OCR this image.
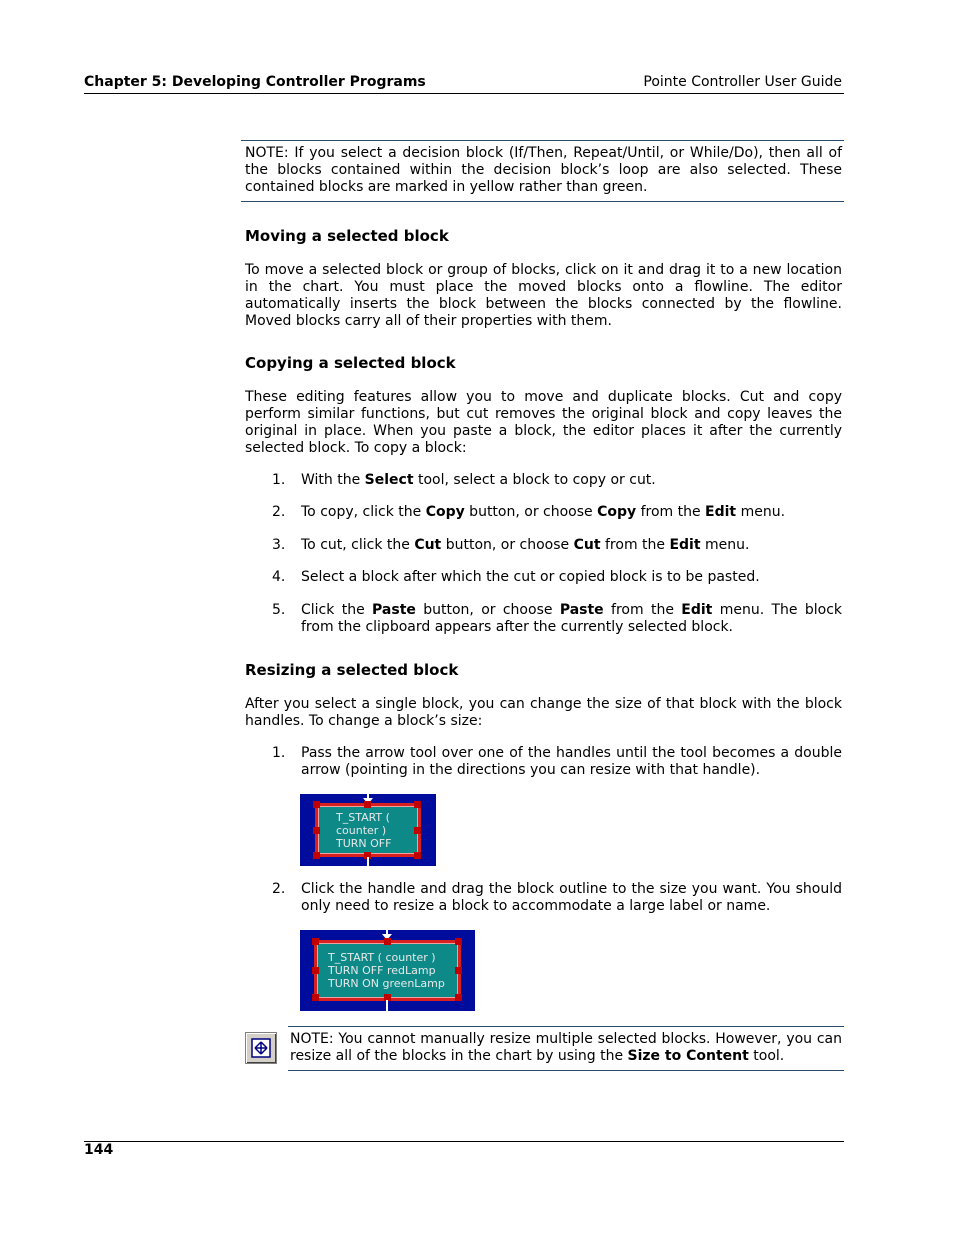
Chapter 5: Developing Controller Programs	Pointe Controller User Guide

NOTE: If you select a decision block (If/Then, Repeat/Until, or While/Do), then all of the blocks contained within the decision block’s loop are also selected. These contained blocks are marked in yellow rather than green.

Moving a selected block

To move a selected block or group of blocks, click on it and drag it to a new location in the chart. You must place the moved blocks onto a flowline. The editor automatically inserts the block between the blocks connected by the flowline. Moved blocks carry all of their properties with them.

Copying a selected block

These editing features allow you to move and duplicate blocks. Cut and copy perform similar functions, but cut removes the original block and copy leaves the original in place. When you paste a block, the editor places it after the currently selected block. To copy a block:

1. With the Select tool, select a block to copy or cut.
2. To copy, click the Copy button, or choose Copy from the Edit menu.
3. To cut, click the Cut button, or choose Cut from the Edit menu.
4. Select a block after which the cut or copied block is to be pasted.
5. Click the Paste button, or choose Paste from the Edit menu. The block from the clipboard appears after the currently selected block.
Resizing a selected block

After you select a single block, you can change the size of that block with the block handles. To change a block’s size:

1. Pass the arrow tool over one of the handles until the tool becomes a double arrow (pointing in the directions you can resize with that handle).
T_START (
counter )
TURN OFF
2. Click the handle and drag the block outline to the size you want. You should only need to resize a block to accommodate a large label or name.
T_START ( counter )
TURN OFF redLamp
TURN ON greenLamp
NOTE: You cannot manually resize multiple selected blocks. However, you can resize all of the blocks in the chart by using the Size to Content tool.
144
